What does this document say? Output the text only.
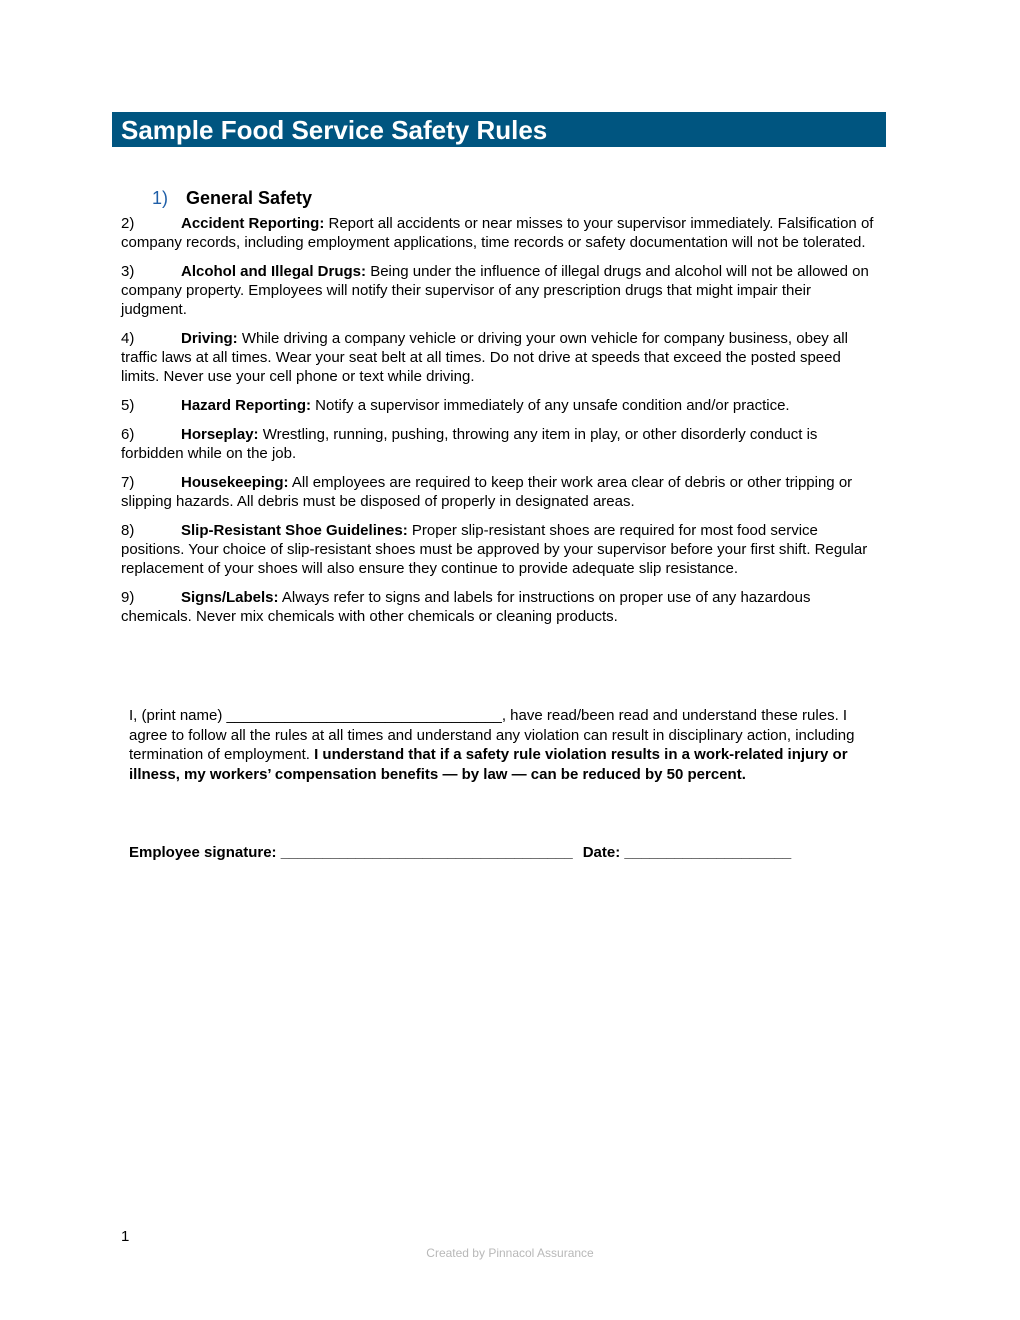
Sample Food Service Safety Rules
1) General Safety

2)	Accident Reporting: Report all accidents or near misses to your supervisor immediately. Falsification of company records, including employment applications, time records or safety documentation will not be tolerated.

3)	Alcohol and Illegal Drugs: Being under the influence of illegal drugs and alcohol will not be allowed on company property. Employees will notify their supervisor of any prescription drugs that might impair their judgment.

4)	Driving: While driving a company vehicle or driving your own vehicle for company business, obey all traffic laws at all times. Wear your seat belt at all times. Do not drive at speeds that exceed the posted speed limits. Never use your cell phone or text while driving.

5)	Hazard Reporting: Notify a supervisor immediately of any unsafe condition and/or practice.

6)	Horseplay: Wrestling, running, pushing, throwing any item in play, or other disorderly conduct is forbidden while on the job.

7)	Housekeeping: All employees are required to keep their work area clear of debris or other tripping or slipping hazards. All debris must be disposed of properly in designated areas.

8)	Slip-Resistant Shoe Guidelines: Proper slip-resistant shoes are required for most food service positions. Your choice of slip-resistant shoes must be approved by your supervisor before your first shift. Regular replacement of your shoes will also ensure they continue to provide adequate slip resistance.

9)	Signs/Labels: Always refer to signs and labels for instructions on proper use of any hazardous chemicals. Never mix chemicals with other chemicals or cleaning products.

I, (print name) _________________________________, have read/been read and understand these rules. I agree to follow all the rules at all times and understand any violation can result in disciplinary action, including termination of employment. I understand that if a safety rule violation results in a work-related injury or illness, my workers’ compensation benefits — by law — can be reduced by 50 percent.

Employee signature: ___________________________________ Date: ____________________

1
Created by Pinnacol Assurance
